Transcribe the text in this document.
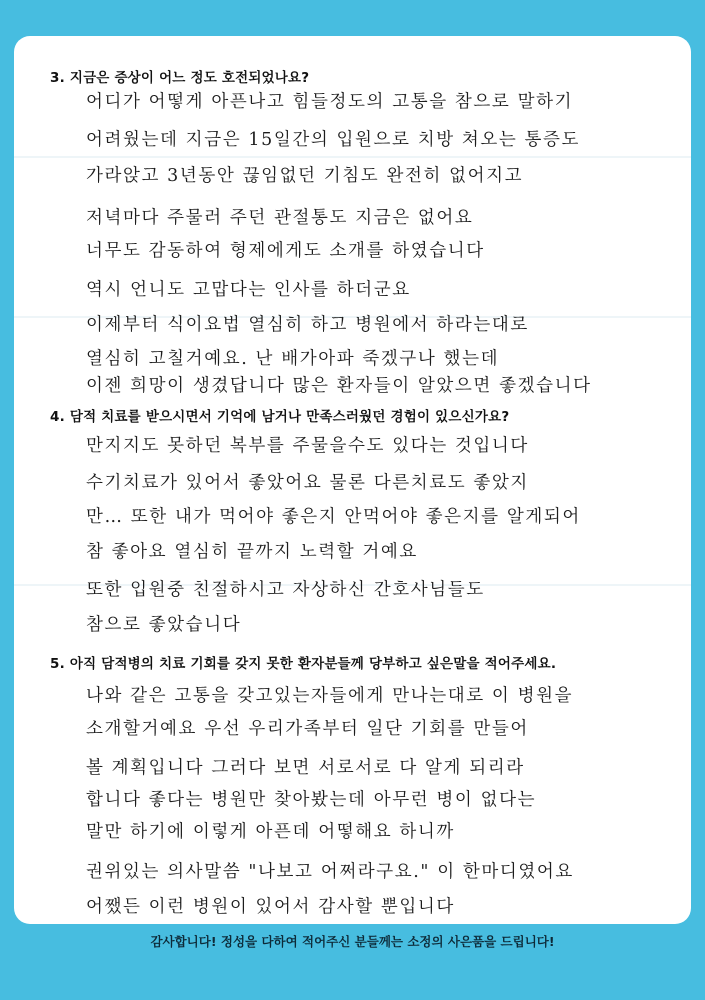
3. 지금은 증상이 어느 정도 호전되었나요?

어디가 어떻게 아픈나고 힘들정도의 고통을 참으로 말하기
어려웠는데 지금은 15일간의 입원으로 치방 쳐오는 통증도
가라앉고 3년동안 끊임없던 기침도 완전히 없어지고
저녁마다 주물러 주던 관절통도 지금은 없어요
너무도 감동하여 형제에게도 소개를 하였습니다
역시 언니도 고맙다는 인사를 하더군요
이제부터 식이요법 열심히 하고 병원에서 하라는대로
열심히 고칠거예요. 난 배가아파 죽겠구나 했는데
이젠 희망이 생겼답니다 많은 환자들이 알았으면 좋겠습니다

4. 담적 치료를 받으시면서 기억에 남거나 만족스러웠던 경험이 있으신가요?

만지지도 못하던 복부를 주물을수도 있다는 것입니다
수기치료가 있어서 좋았어요 물론 다른치료도 좋았지
만… 또한 내가 먹어야 좋은지 안먹어야 좋은지를 알게되어
참 좋아요 열심히 끝까지 노력할 거예요
또한 입원중 친절하시고 자상하신 간호사님들도
참으로 좋았습니다

5. 아직 담적병의 치료 기회를 갖지 못한 환자분들께 당부하고 싶은말을 적어주세요.

나와 같은 고통을 갖고있는자들에게 만나는대로 이 병원을
소개할거예요 우선 우리가족부터 일단 기회를 만들어
볼 계획입니다 그러다 보면 서로서로 다 알게 되리라
합니다 좋다는 병원만 찾아봤는데 아무런 병이 없다는
말만 하기에 이렇게 아픈데 어떻해요 하니까
권위있는 의사말씀 "나보고 어쩌라구요." 이 한마디였어요
어쨌든 이런 병원이 있어서 감사할 뿐입니다

감사합니다! 정성을 다하여 적어주신 분들께는 소정의 사은품을 드립니다!
